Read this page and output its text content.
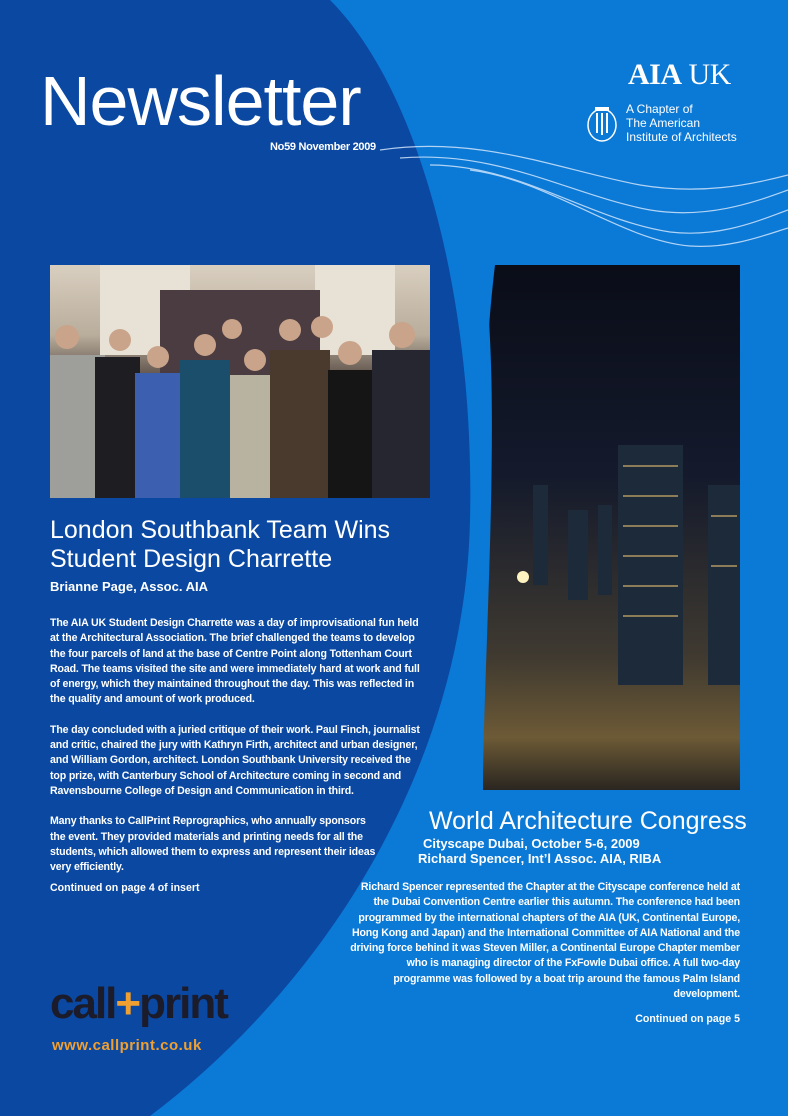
Newsletter
No59 November 2009
AIA UK
A Chapter of
The American
Institute of Architects
London Southbank Team Wins
Student Design Charrette
Brianne Page, Assoc. AIA

The AIA UK Student Design Charrette was a day of improvisational fun held at the Architectural Association. The brief challenged the teams to develop the four parcels of land at the base of Centre Point along Tottenham Court Road. The teams visited the site and were immediately hard at work and full of energy, which they maintained throughout the day. This was reflected in the quality and amount of work produced.

The day concluded with a juried critique of their work. Paul Finch, journalist and critic, chaired the jury with Kathryn Firth, architect and urban designer, and William Gordon, architect. London Southbank University received the top prize, with Canterbury School of Architecture coming in second and Ravensbourne College of Design and Communication in third.

Many thanks to CallPrint Reprographics, who annually sponsors the event. They provided materials and printing needs for all the students, which allowed them to express and represent their ideas very efficiently.

Continued on page 4 of insert
World Architecture Congress
Cityscape Dubai, October 5-6, 2009
Richard Spencer, Int’l Assoc. AIA, RIBA
Richard Spencer represented the Chapter at the Cityscape conference held at the Dubai Convention Centre earlier this autumn. The conference had been programmed by the international chapters of the AIA (UK, Continental Europe, Hong Kong and Japan) and the International Committee of AIA National and the driving force behind it was Steven Miller, a Continental Europe Chapter member who is managing director of the FxFowle Dubai office. A full two-day programme was followed by a boat trip around the famous Palm Island development.
Continued on page 5
call+print
www.callprint.co.uk
